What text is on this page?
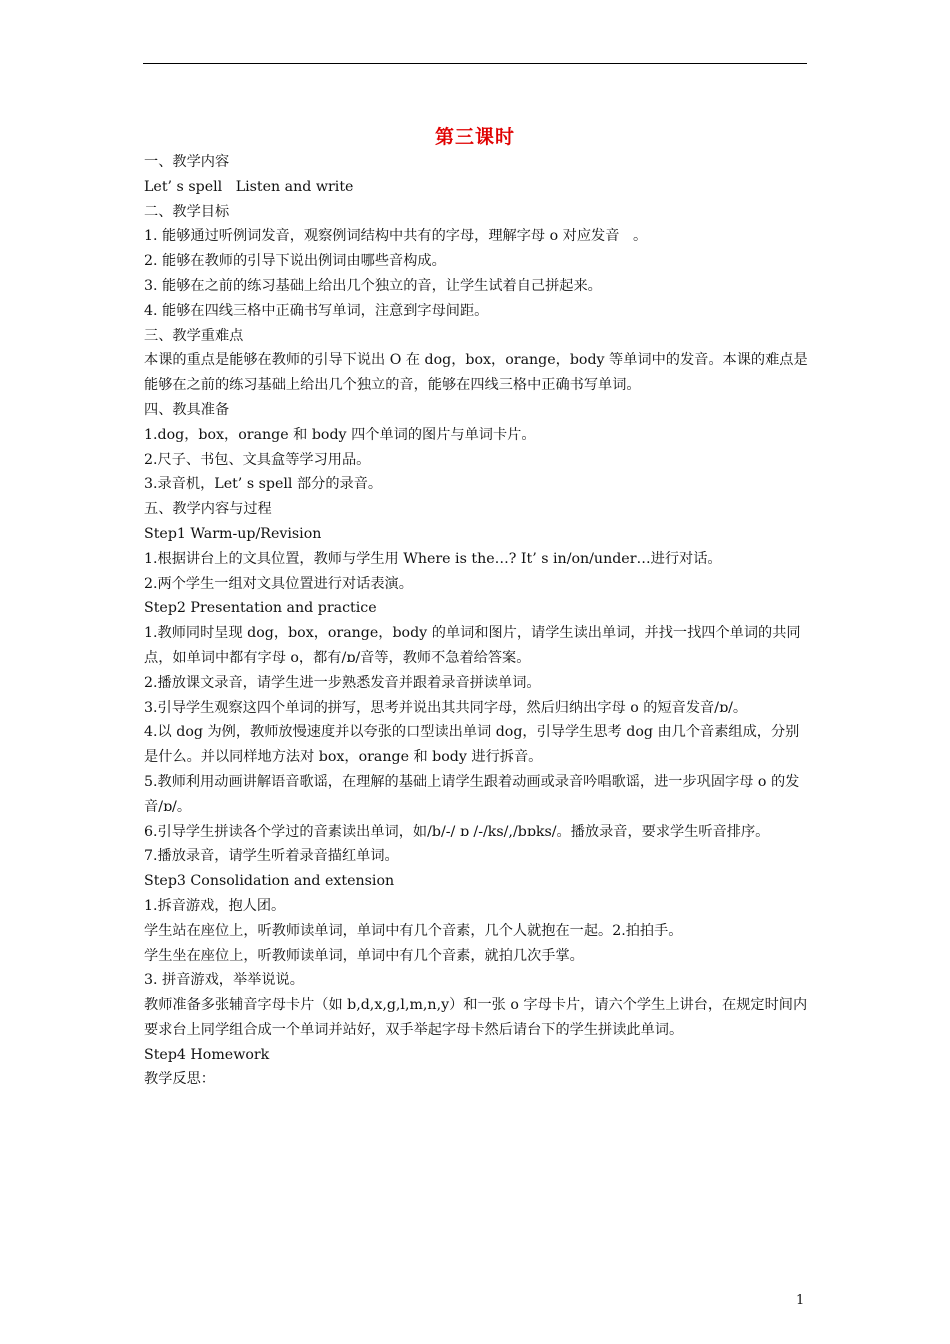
第三课时
一、教学内容
Let’ s spell   Listen and write
二、教学目标
1. 能够通过听例词发音，观察例词结构中共有的字母，理解字母 o 对应发音   。
2. 能够在教师的引导下说出例词由哪些音构成。
3. 能够在之前的练习基础上给出几个独立的音，让学生试着自己拼起来。
4. 能够在四线三格中正确书写单词，注意到字母间距。
三、教学重难点
本课的重点是能够在教师的引导下说出 O 在 dog，box，orange，body 等单词中的发音。本课的难点是能够在之前的练习基础上给出几个独立的音，能够在四线三格中正确书写单词。
四、教具准备
1.dog，box，orange 和 body 四个单词的图片与单词卡片。
2.尺子、书包、文具盒等学习用品。
3.录音机，Let’ s spell 部分的录音。
五、教学内容与过程
Step1 Warm-up/Revision
1.根据讲台上的文具位置，教师与学生用 Where is the…? It’ s in/on/under…进行对话。
2.两个学生一组对文具位置进行对话表演。
Step2 Presentation and practice
1.教师同时呈现 dog，box，orange，body 的单词和图片，请学生读出单词，并找一找四个单词的共同点，如单词中都有字母 o，都有/ɒ/音等，教师不急着给答案。
2.播放课文录音，请学生进一步熟悉发音并跟着录音拼读单词。
3.引导学生观察这四个单词的拼写，思考并说出其共同字母，然后归纳出字母 o 的短音发音/ɒ/。
4.以 dog 为例，教师放慢速度并以夸张的口型读出单词 dog，引导学生思考 dog 由几个音素组成，分别是什么。并以同样地方法对 box，orange 和 body 进行拆音。
5.教师利用动画讲解语音歌谣，在理解的基础上请学生跟着动画或录音吟唱歌谣，进一步巩固字母 o 的发音/ɒ/。
6.引导学生拼读各个学过的音素读出单词，如/b/-/ ɒ /-/ks/,/bɒks/。播放录音，要求学生听音排序。
7.播放录音，请学生听着录音描红单词。
Step3 Consolidation and extension
1.拆音游戏，抱人团。
学生站在座位上，听教师读单词，单词中有几个音素，几个人就抱在一起。2.拍拍手。
学生坐在座位上，听教师读单词，单词中有几个音素，就拍几次手掌。
3. 拼音游戏，举举说说。
教师准备多张辅音字母卡片（如 b,d,x,g,l,m,n,y）和一张 o 字母卡片，请六个学生上讲台，在规定时间内要求台上同学组合成一个单词并站好，双手举起字母卡然后请台下的学生拼读此单词。
Step4 Homework
教学反思：
1
